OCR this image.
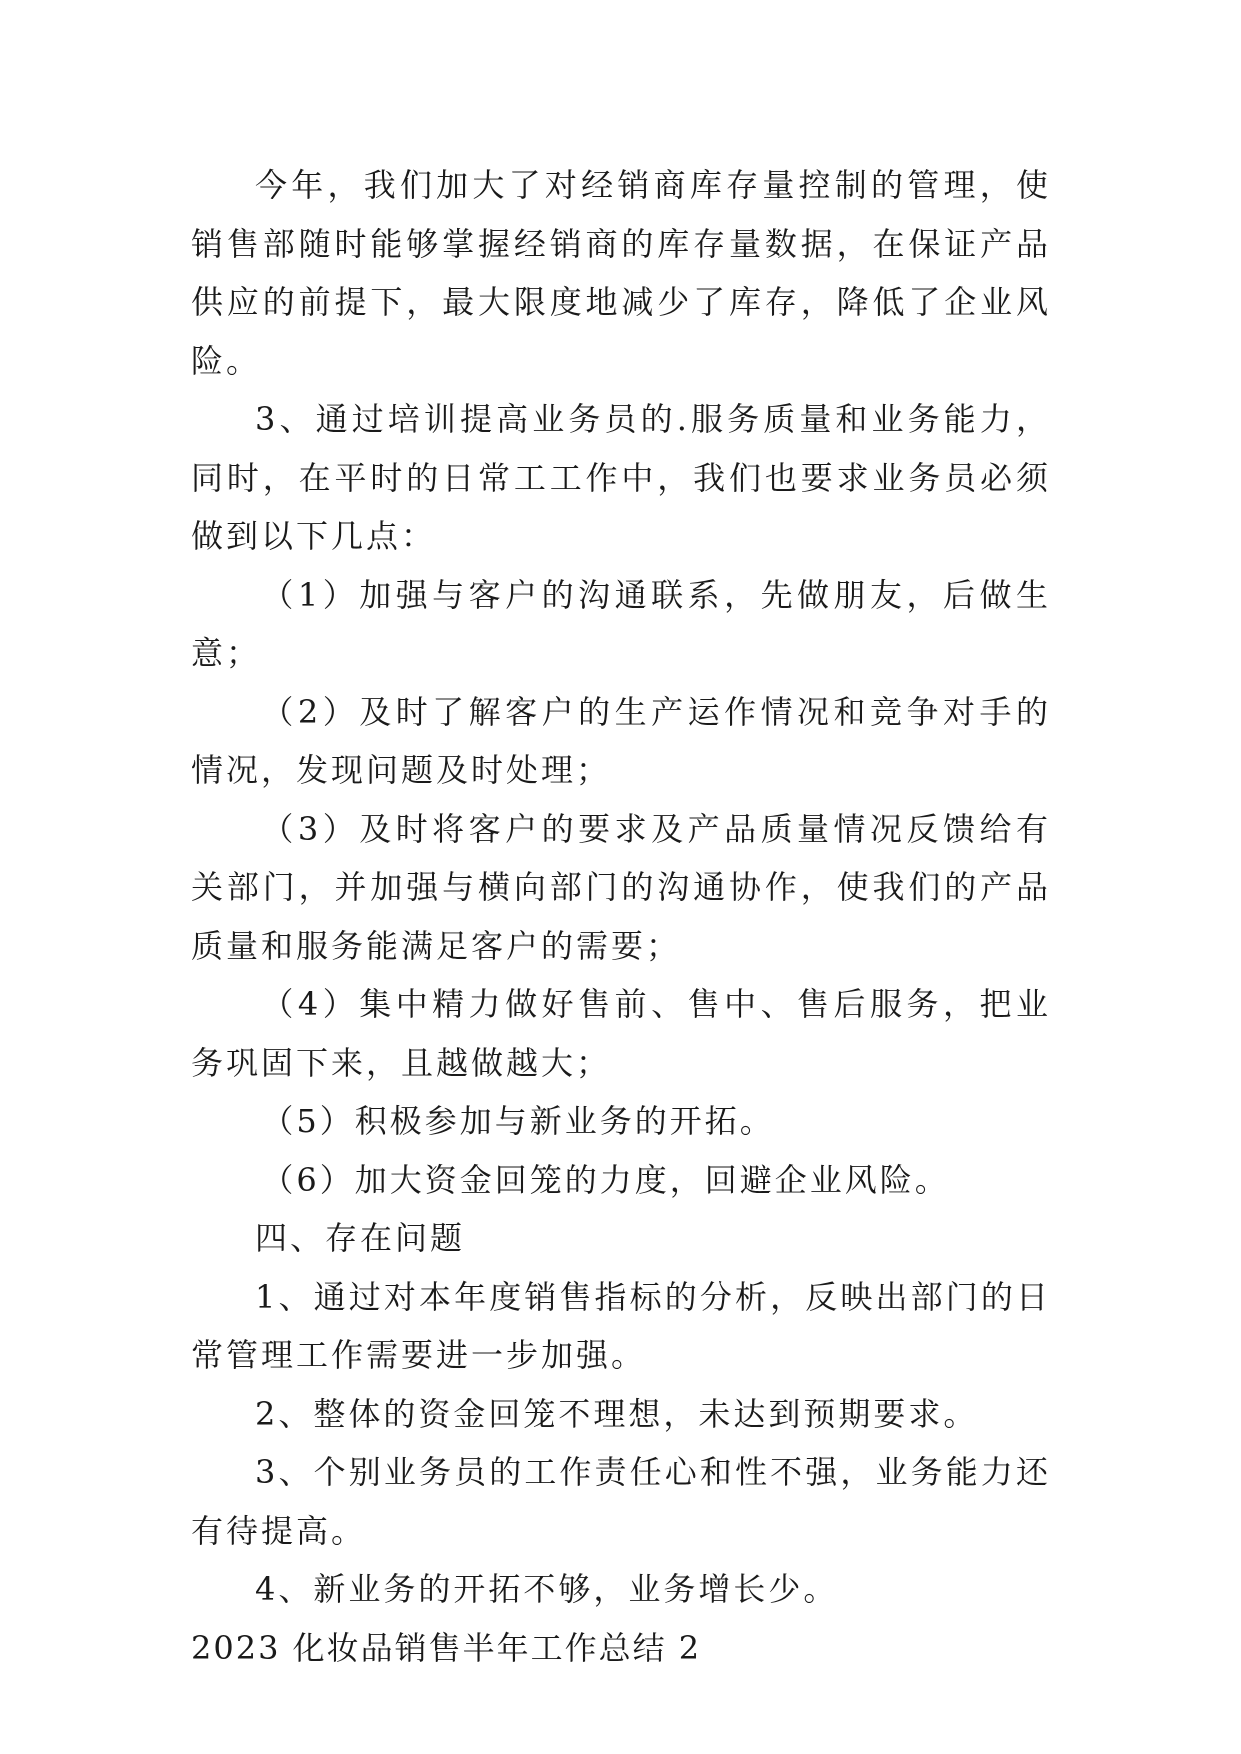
今年，我们加大了对经销商库存量控制的管理，使销售部随时能够掌握经销商的库存量数据，在保证产品供应的前提下，最大限度地减少了库存，降低了企业风险。

3、通过培训提高业务员的.服务质量和业务能力，同时，在平时的日常工工作中，我们也要求业务员必须做到以下几点：

（1）加强与客户的沟通联系，先做朋友，后做生意；

（2）及时了解客户的生产运作情况和竞争对手的情况，发现问题及时处理；

（3）及时将客户的要求及产品质量情况反馈给有关部门，并加强与横向部门的沟通协作，使我们的产品质量和服务能满足客户的需要；

（4）集中精力做好售前、售中、售后服务，把业务巩固下来，且越做越大；

（5）积极参加与新业务的开拓。

（6）加大资金回笼的力度，回避企业风险。

四、存在问题

1、通过对本年度销售指标的分析，反映出部门的日常管理工作需要进一步加强。

2、整体的资金回笼不理想，未达到预期要求。

3、个别业务员的工作责任心和性不强，业务能力还有待提高。

4、新业务的开拓不够，业务增长少。

2023 化妆品销售半年工作总结 2
